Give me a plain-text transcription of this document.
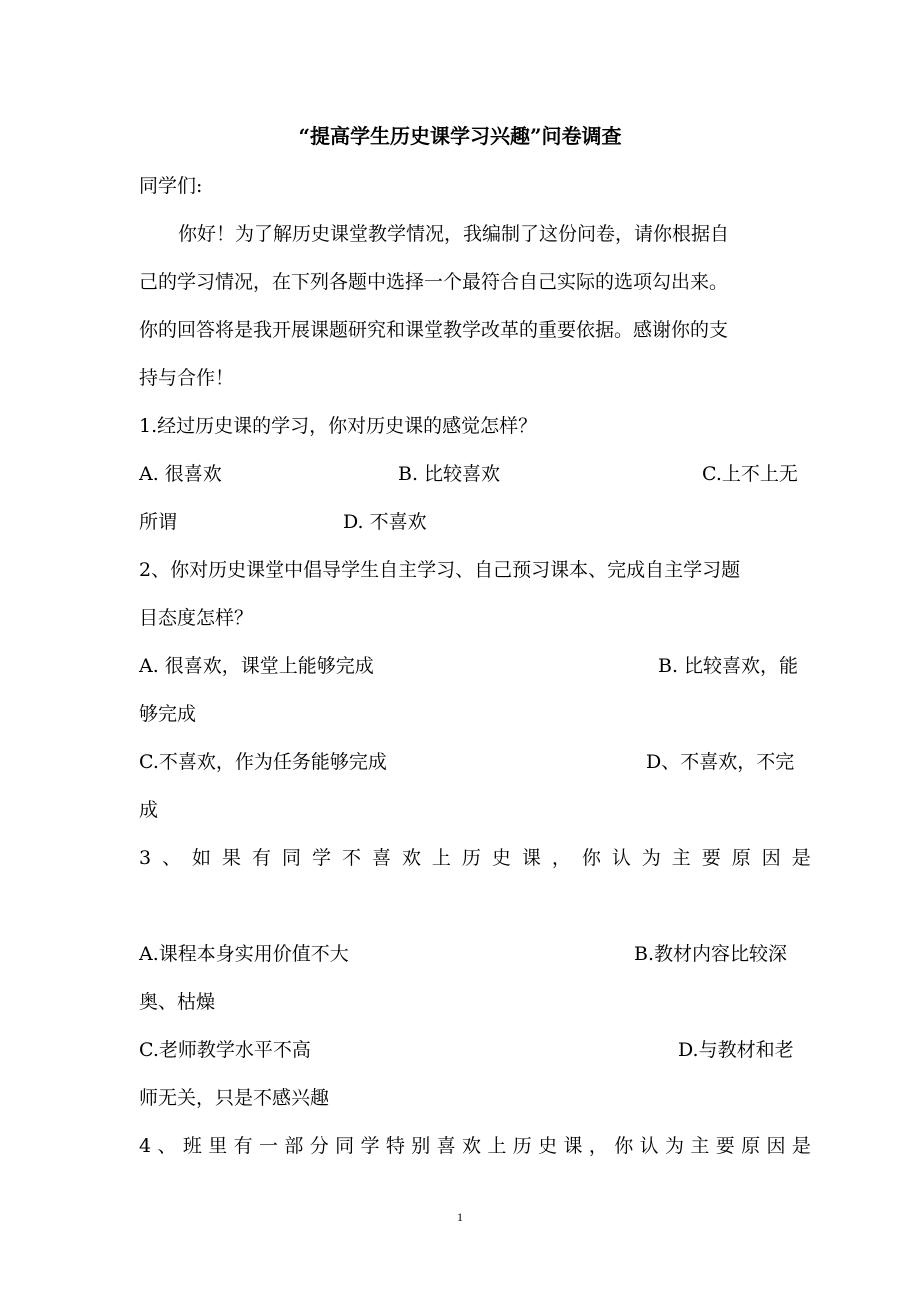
“提高学生历史课学习兴趣”问卷调查

同学们:

你好！为了解历史课堂教学情况，我编制了这份问卷，请你根据自

己的学习情况，在下列各题中选择一个最符合自己实际的选项勾出来。

你的回答将是我开展课题研究和课堂教学改革的重要依据。感谢你的支

持与合作！

1.经过历史课的学习，你对历史课的感觉怎样？

A. 很喜欢	B. 比较喜欢	C.上不上无

所谓	D. 不喜欢

2、你对历史课堂中倡导学生自主学习、自己预习课本、完成自主学习题

目态度怎样？

A. 很喜欢，课堂上能够完成	B. 比较喜欢，能

够完成

C.不喜欢，作为任务能够完成	D、不喜欢，不完

成

3 、 如 果 有 同 学 不 喜 欢 上 历 史 课 ， 你 认 为 主 要 原 因 是

A.课程本身实用价值不大	B.教材内容比较深

奥、枯燥

C.老师教学水平不高	D.与教材和老

师无关，只是不感兴趣

4 、 班 里 有 一 部 分 同 学 特 别 喜 欢 上 历 史 课 ， 你 认 为 主 要 原 因 是

1
